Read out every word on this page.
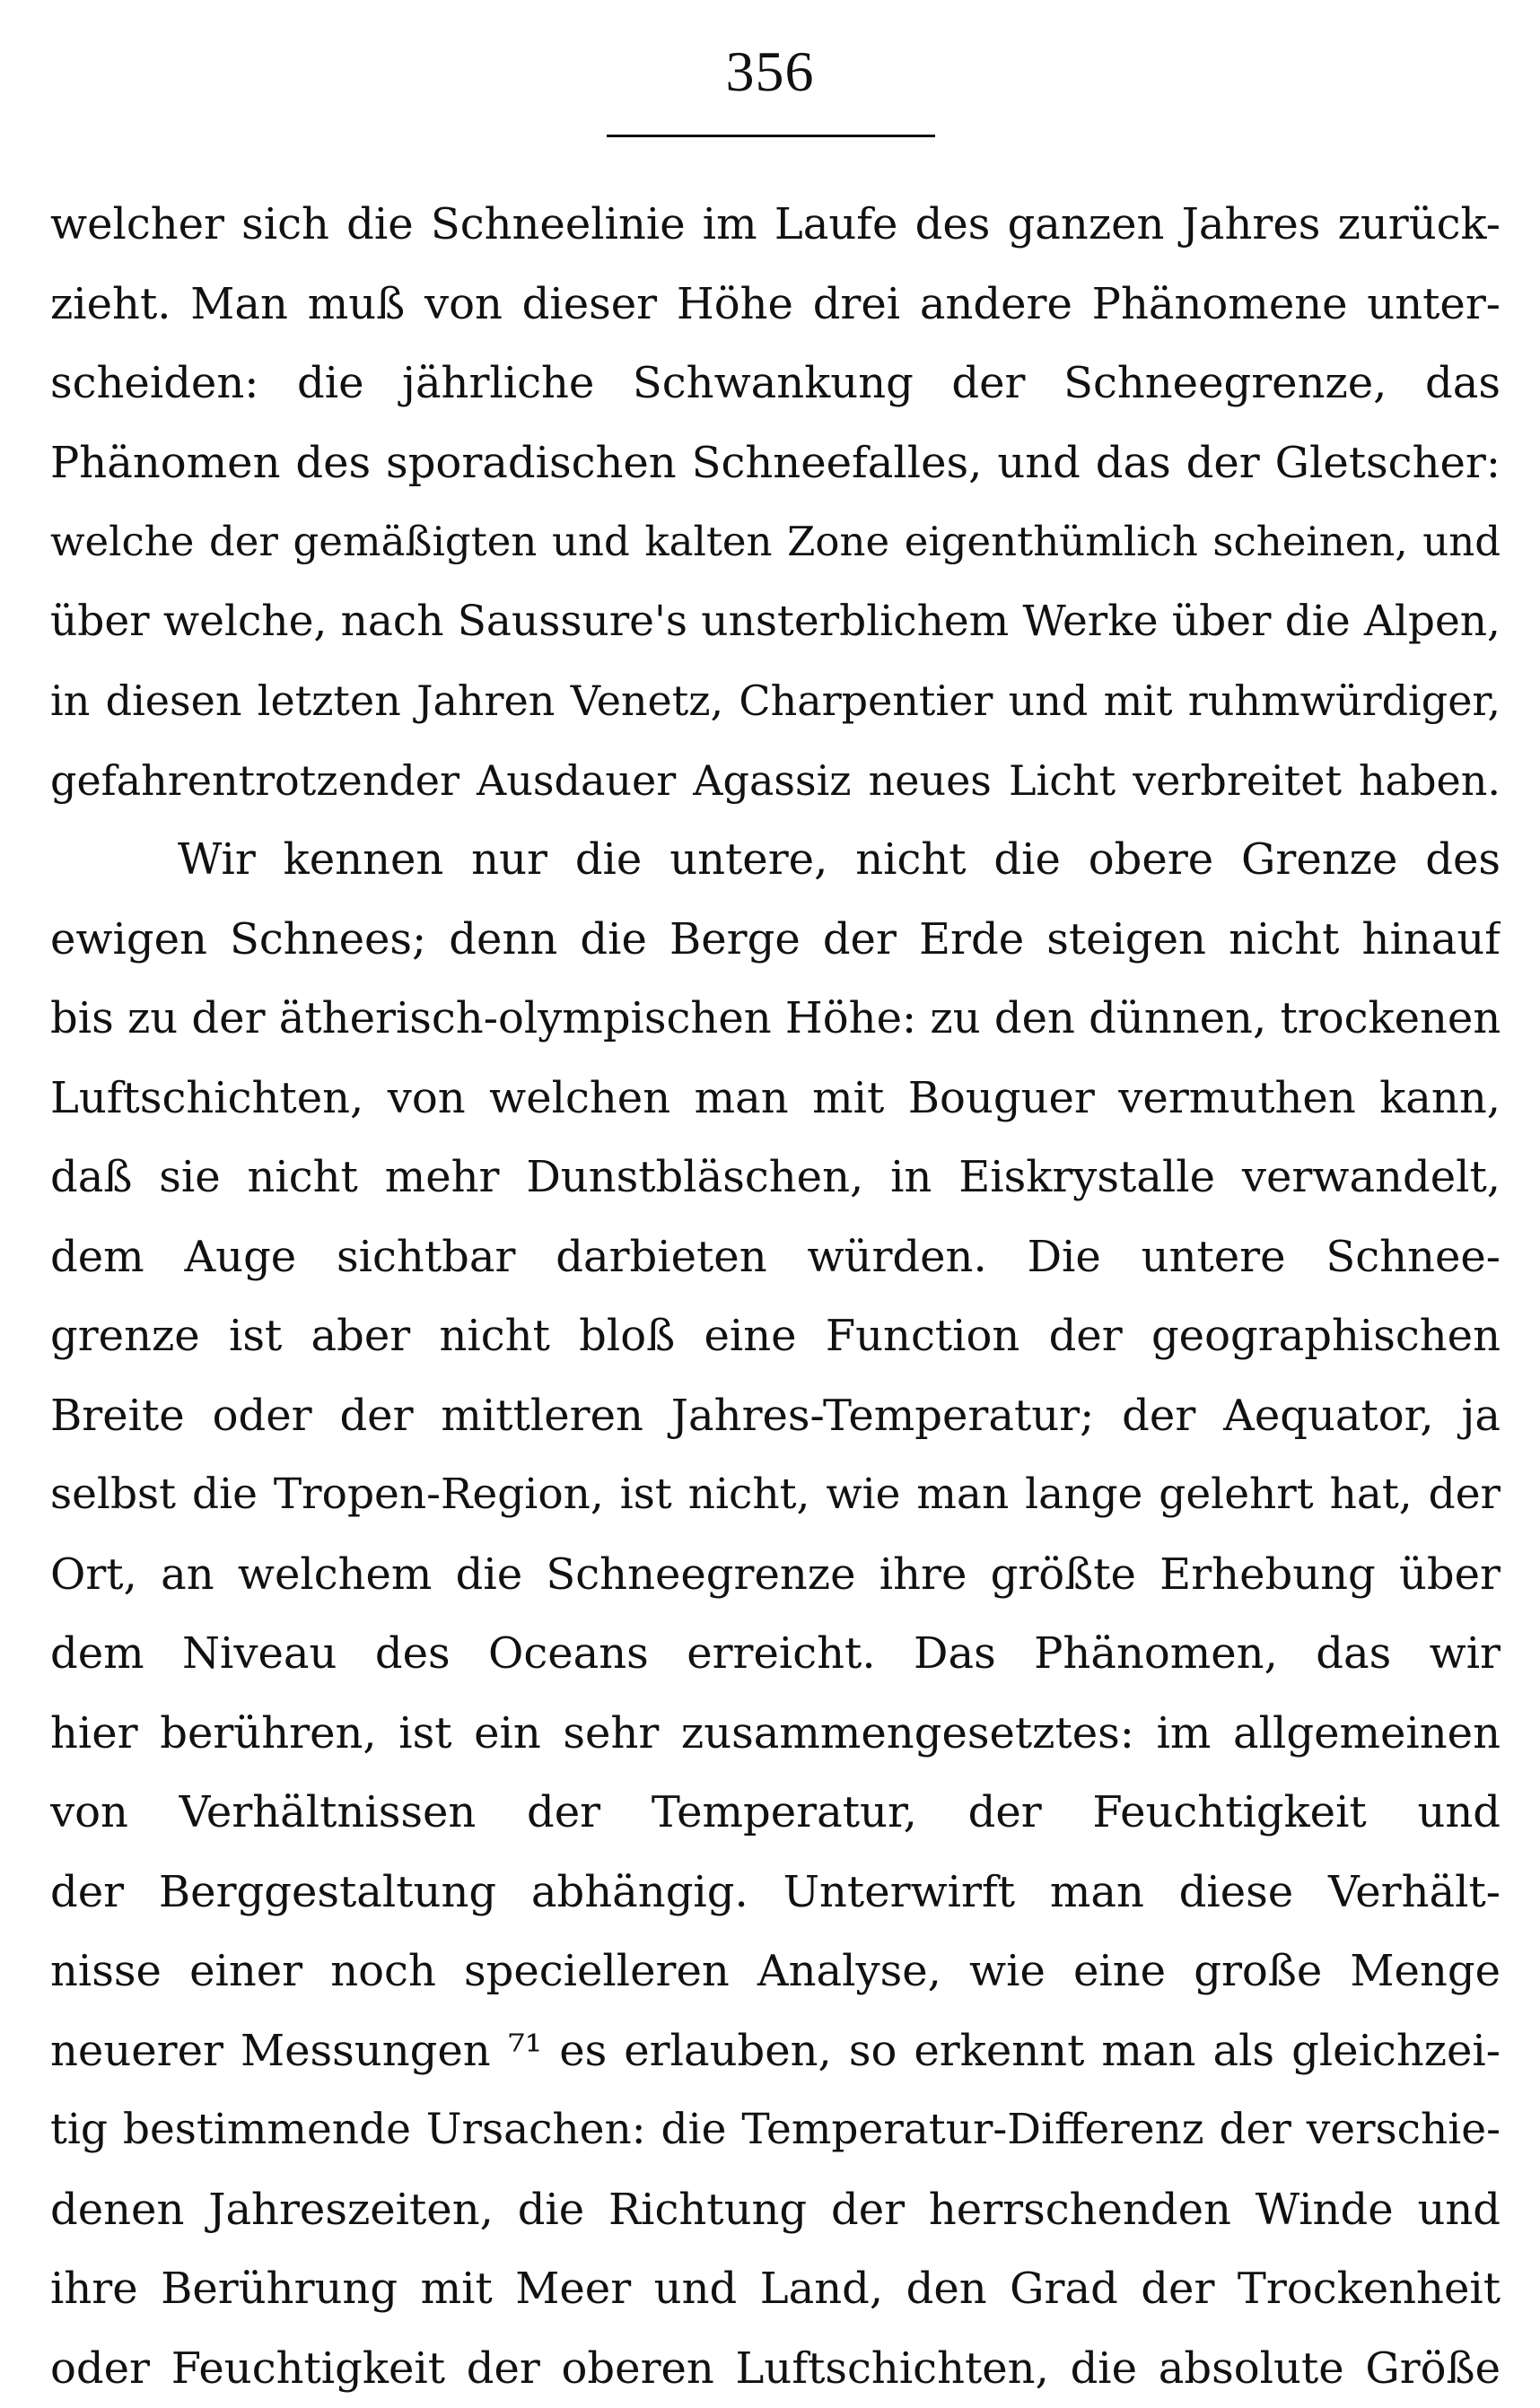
356
welcher sich die Schneelinie im Laufe des ganzen Jahres zurück-
zieht. Man muß von dieser Höhe drei andere Phänomene unter-
scheiden: die jährliche Schwankung der Schneegrenze, das
Phänomen des sporadischen Schneefalles, und das der Gletscher:
welche der gemäßigten und kalten Zone eigenthümlich scheinen, und
über welche, nach Saussure's unsterblichem Werke über die Alpen,
in diesen letzten Jahren Venetz, Charpentier und mit ruhmwürdiger,
gefahrentrotzender Ausdauer Agassiz neues Licht verbreitet haben.
Wir kennen nur die untere, nicht die obere Grenze des
ewigen Schnees; denn die Berge der Erde steigen nicht hinauf
bis zu der ätherisch-olympischen Höhe: zu den dünnen, trockenen
Luftschichten, von welchen man mit Bouguer vermuthen kann,
daß sie nicht mehr Dunstbläschen, in Eiskrystalle verwandelt,
dem Auge sichtbar darbieten würden. Die untere Schnee-
grenze ist aber nicht bloß eine Function der geographischen
Breite oder der mittleren Jahres-Temperatur; der Aequator, ja
selbst die Tropen-Region, ist nicht, wie man lange gelehrt hat, der
Ort, an welchem die Schneegrenze ihre größte Erhebung über
dem Niveau des Oceans erreicht. Das Phänomen, das wir
hier berühren, ist ein sehr zusammengesetztes: im allgemeinen
von Verhältnissen der Temperatur, der Feuchtigkeit und
der Berggestaltung abhängig. Unterwirft man diese Verhält-
nisse einer noch specielleren Analyse, wie eine große Menge
neuerer Messungen ⁷¹ es erlauben, so erkennt man als gleichzei-
tig bestimmende Ursachen: die Temperatur-Differenz der verschie-
denen Jahreszeiten, die Richtung der herrschenden Winde und
ihre Berührung mit Meer und Land, den Grad der Trockenheit
oder Feuchtigkeit der oberen Luftschichten, die absolute Größe
